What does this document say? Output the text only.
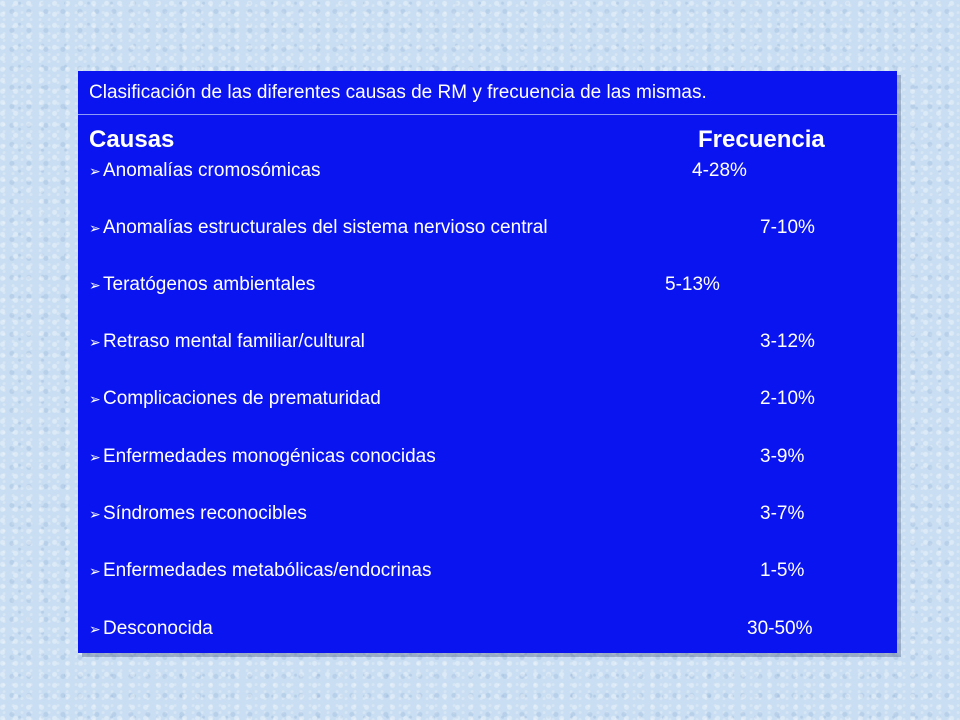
Clasificación de las diferentes causas de RM y frecuencia de las mismas.
Causas	Frecuencia
➢ Anomalías cromosómicas	4-28%
➢ Anomalías estructurales del sistema nervioso central	7-10%
➢ Teratógenos ambientales	5-13%
➢ Retraso mental familiar/cultural	3-12%
➢ Complicaciones de prematuridad	2-10%
➢ Enfermedades monogénicas conocidas	3-9%
➢ Síndromes reconocibles	3-7%
➢ Enfermedades metabólicas/endocrinas	1-5%
➢ Desconocida	30-50%
